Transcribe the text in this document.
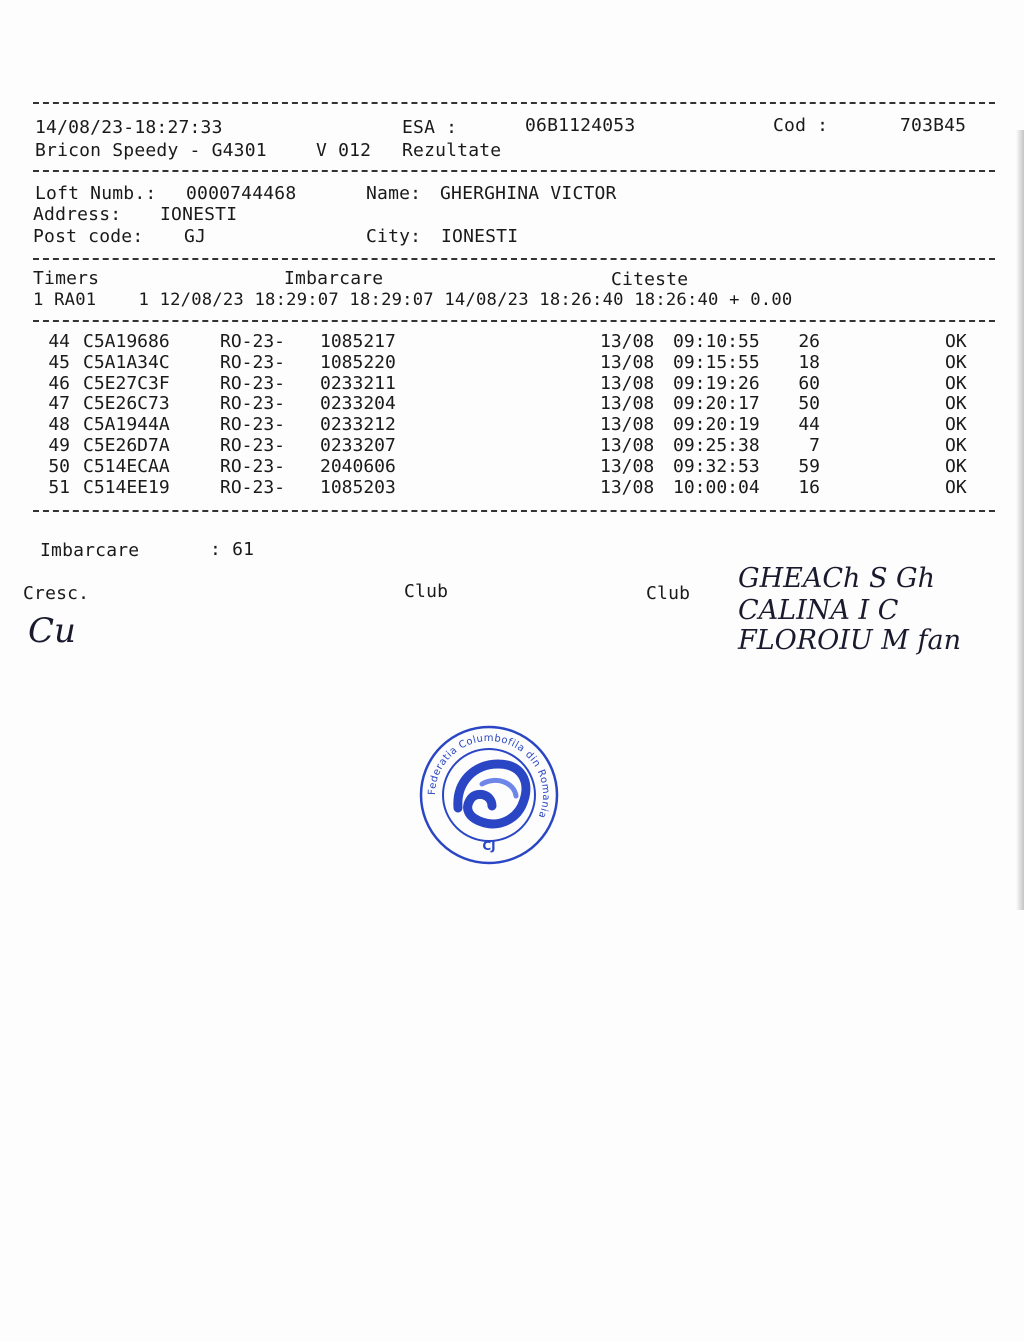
14/08/23-18:27:33	ESA :	06B1124053	Cod :	703B45
Bricon Speedy - G4301	V 012 Rezultate
Loft Numb.: 0000744468	Name: GHERGHINA VICTOR
Address: IONESTI
Post code: GJ	City: IONESTI
Timers	Imbarcare	Citeste
1 RA01    1 12/08/23 18:29:07 18:29:07 14/08/23 18:26:40 18:26:40 + 0.00
44 C5A19686	RO-23-	1085217	13/08	09:10:55	26	OK
45 C5A1A34C	RO-23-	1085220	13/08	09:15:55	18	OK
46 C5E27C3F	RO-23-	0233211	13/08	09:19:26	60	OK
47 C5E26C73	RO-23-	0233204	13/08	09:20:17	50	OK
48 C5A1944A	RO-23-	0233212	13/08	09:20:19	44	OK
49 C5E26D7A	RO-23-	0233207	13/08	09:25:38	7	OK
50 C514ECAA	RO-23-	2040606	13/08	09:32:53	59	OK
51 C514EE19	RO-23-	1085203	13/08	10:00:04	16	OK
Imbarcare	: 61
Cresc.	Club	Club GHEACh S Gh
CALINA I C
FLOROIU M fan
Cu
Federatia Columbofila din Romania
CJ
